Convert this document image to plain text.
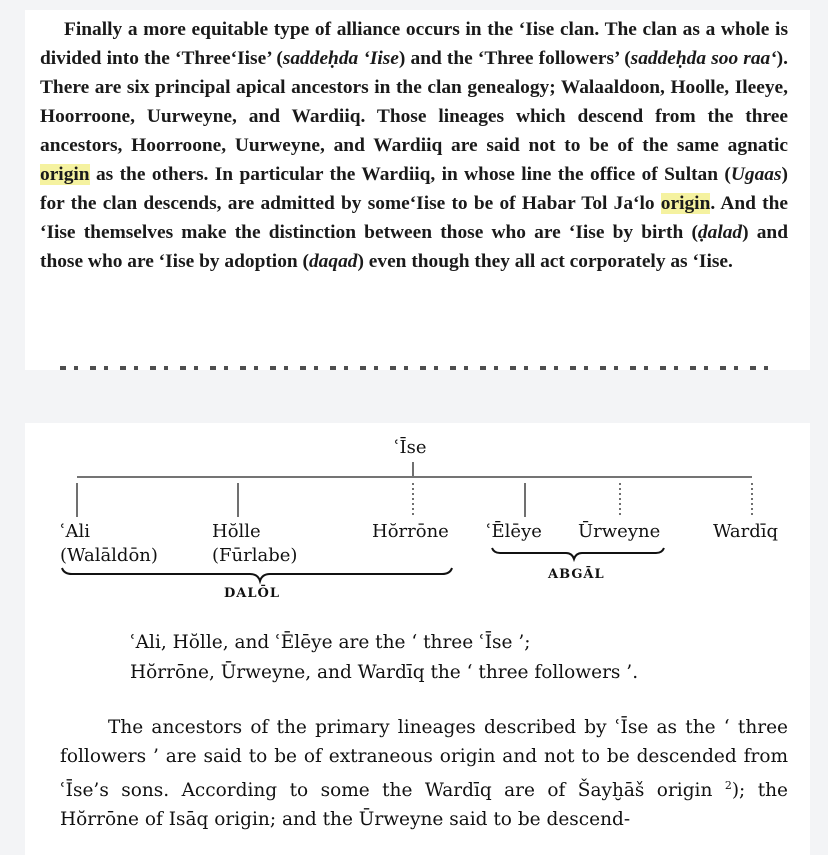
Finally a more equitable type of alliance occurs in the ‘Iise clan. The clan as a whole is divided into the ‘Three‘Iise’ (saddeḥda ‘Iise) and the ‘Three followers’ (saddeḥda soo raa‘). There are six principal apical ancestors in the clan genealogy; Walaaldoon, Hoolle, Ileeye, Hoorroone, Uurweyne, and Wardiiq. Those lineages which descend from the three ancestors, Hoorroone, Uurweyne, and Wardiiq are said not to be of the same agnatic origin as the others. In particular the Wardiiq, in whose line the office of Sultan (Ugaas) for the clan descends, are admitted by some‘Iise to be of Habar Tol Ja‘lo origin. And the ‘Iise themselves make the distinction between those who are ‘Iise by birth (ḍalad) and those who are ‘Iise by adoption (daqad) even though they all act corporately as ‘Iise.

ʿĪse
ʿAli
(Walāldōn)
Hŏlle
(Fūrlabe)
Hŏrrōne ʿĒlēye Ūrweyne	Wardīq
ABGĀL
DALŌL
ʿAli, Hŏlle, and ʿĒlēye are the ‘ three ʿĪse ’;
Hŏrrōne, Ūrweyne, and Wardīq the ‘ three followers ’.

The ancestors of the primary lineages described by ʿĪse as the ‘ three followers ’ are said to be of extraneous origin and not to be descended from ʿĪse’s sons. According to some the Wardīq are of Šayḫāš origin $^2$); the Hŏrrōne of Isāq origin; and the Ūrweyne said to be descend-
